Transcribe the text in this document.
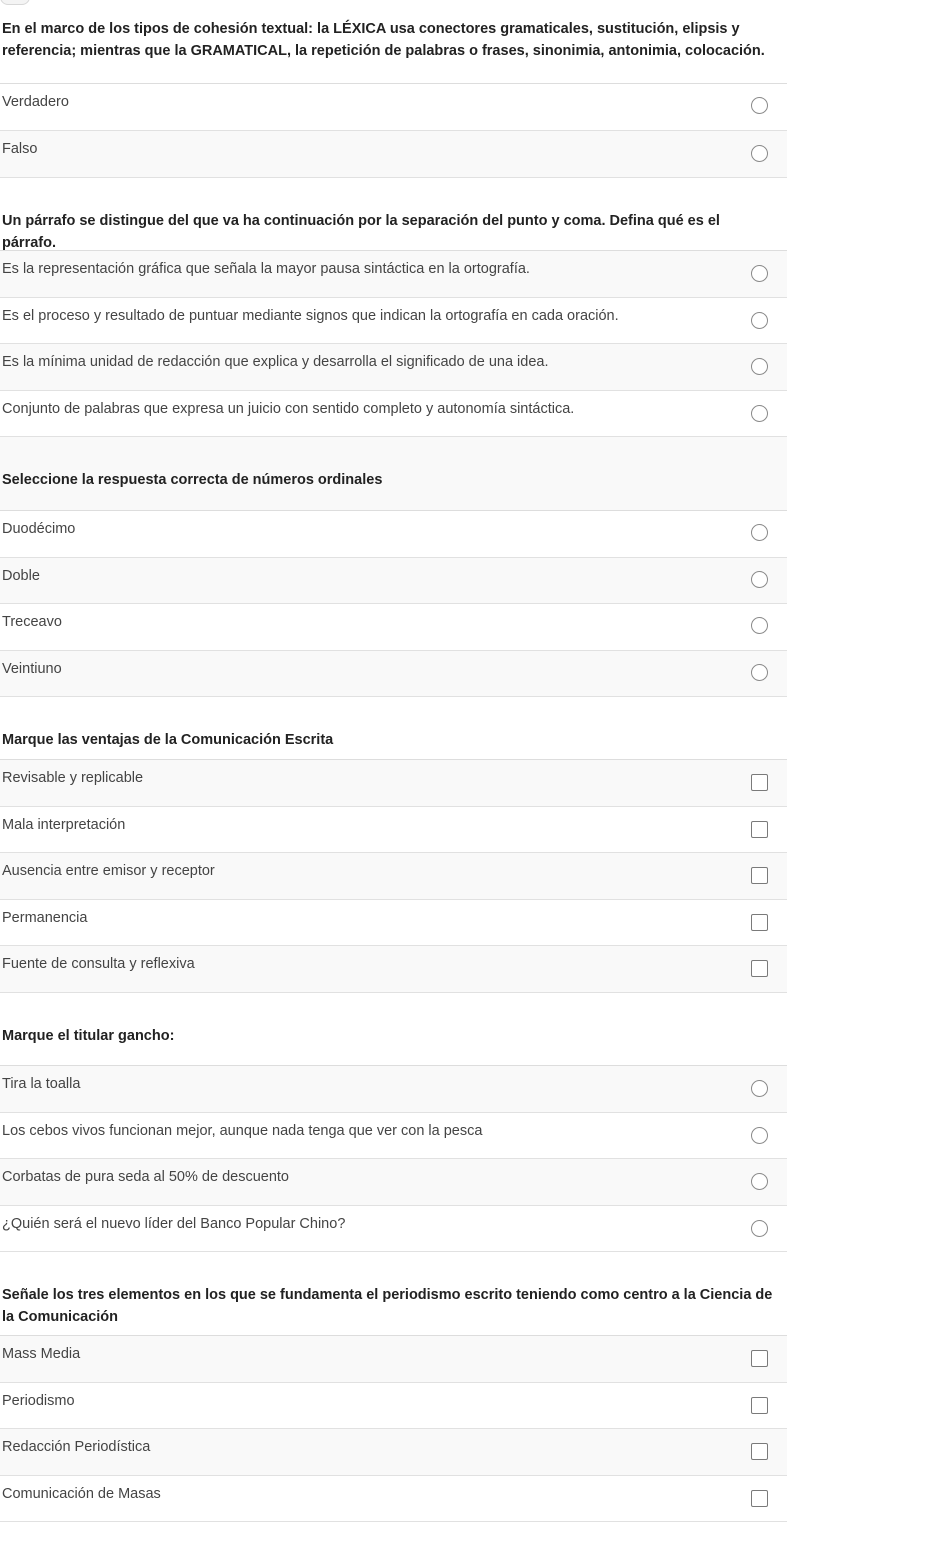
En el marco de los tipos de cohesión textual: la LÉXICA usa conectores gramaticales, sustitución, elipsis y referencia; mientras que la GRAMATICAL, la repetición de palabras o frases, sinonimia, antonimia, colocación.
Verdadero
Falso
Un párrafo se distingue del que va ha continuación por la separación del punto y coma. Defina qué es el párrafo.
Es la representación gráfica que señala la mayor pausa sintáctica en la ortografía.
Es el proceso y resultado de puntuar mediante signos que indican la ortografía en cada oración.
Es la mínima unidad de redacción que explica y desarrolla el significado de una idea.
Conjunto de palabras que expresa un juicio con sentido completo y autonomía sintáctica.
Seleccione la respuesta correcta de números ordinales
Duodécimo
Doble
Treceavo
Veintiuno
Marque las ventajas de la Comunicación Escrita
Revisable y replicable
Mala interpretación
Ausencia entre emisor y receptor
Permanencia
Fuente de consulta y reflexiva
Marque el titular gancho:
Tira la toalla
Los cebos vivos funcionan mejor, aunque nada tenga que ver con la pesca
Corbatas de pura seda al 50% de descuento
¿Quién será el nuevo líder del Banco Popular Chino?
Señale los tres elementos en los que se fundamenta el periodismo escrito teniendo como centro a la Ciencia de la Comunicación
Mass Media
Periodismo
Redacción Periodística
Comunicación de Masas
